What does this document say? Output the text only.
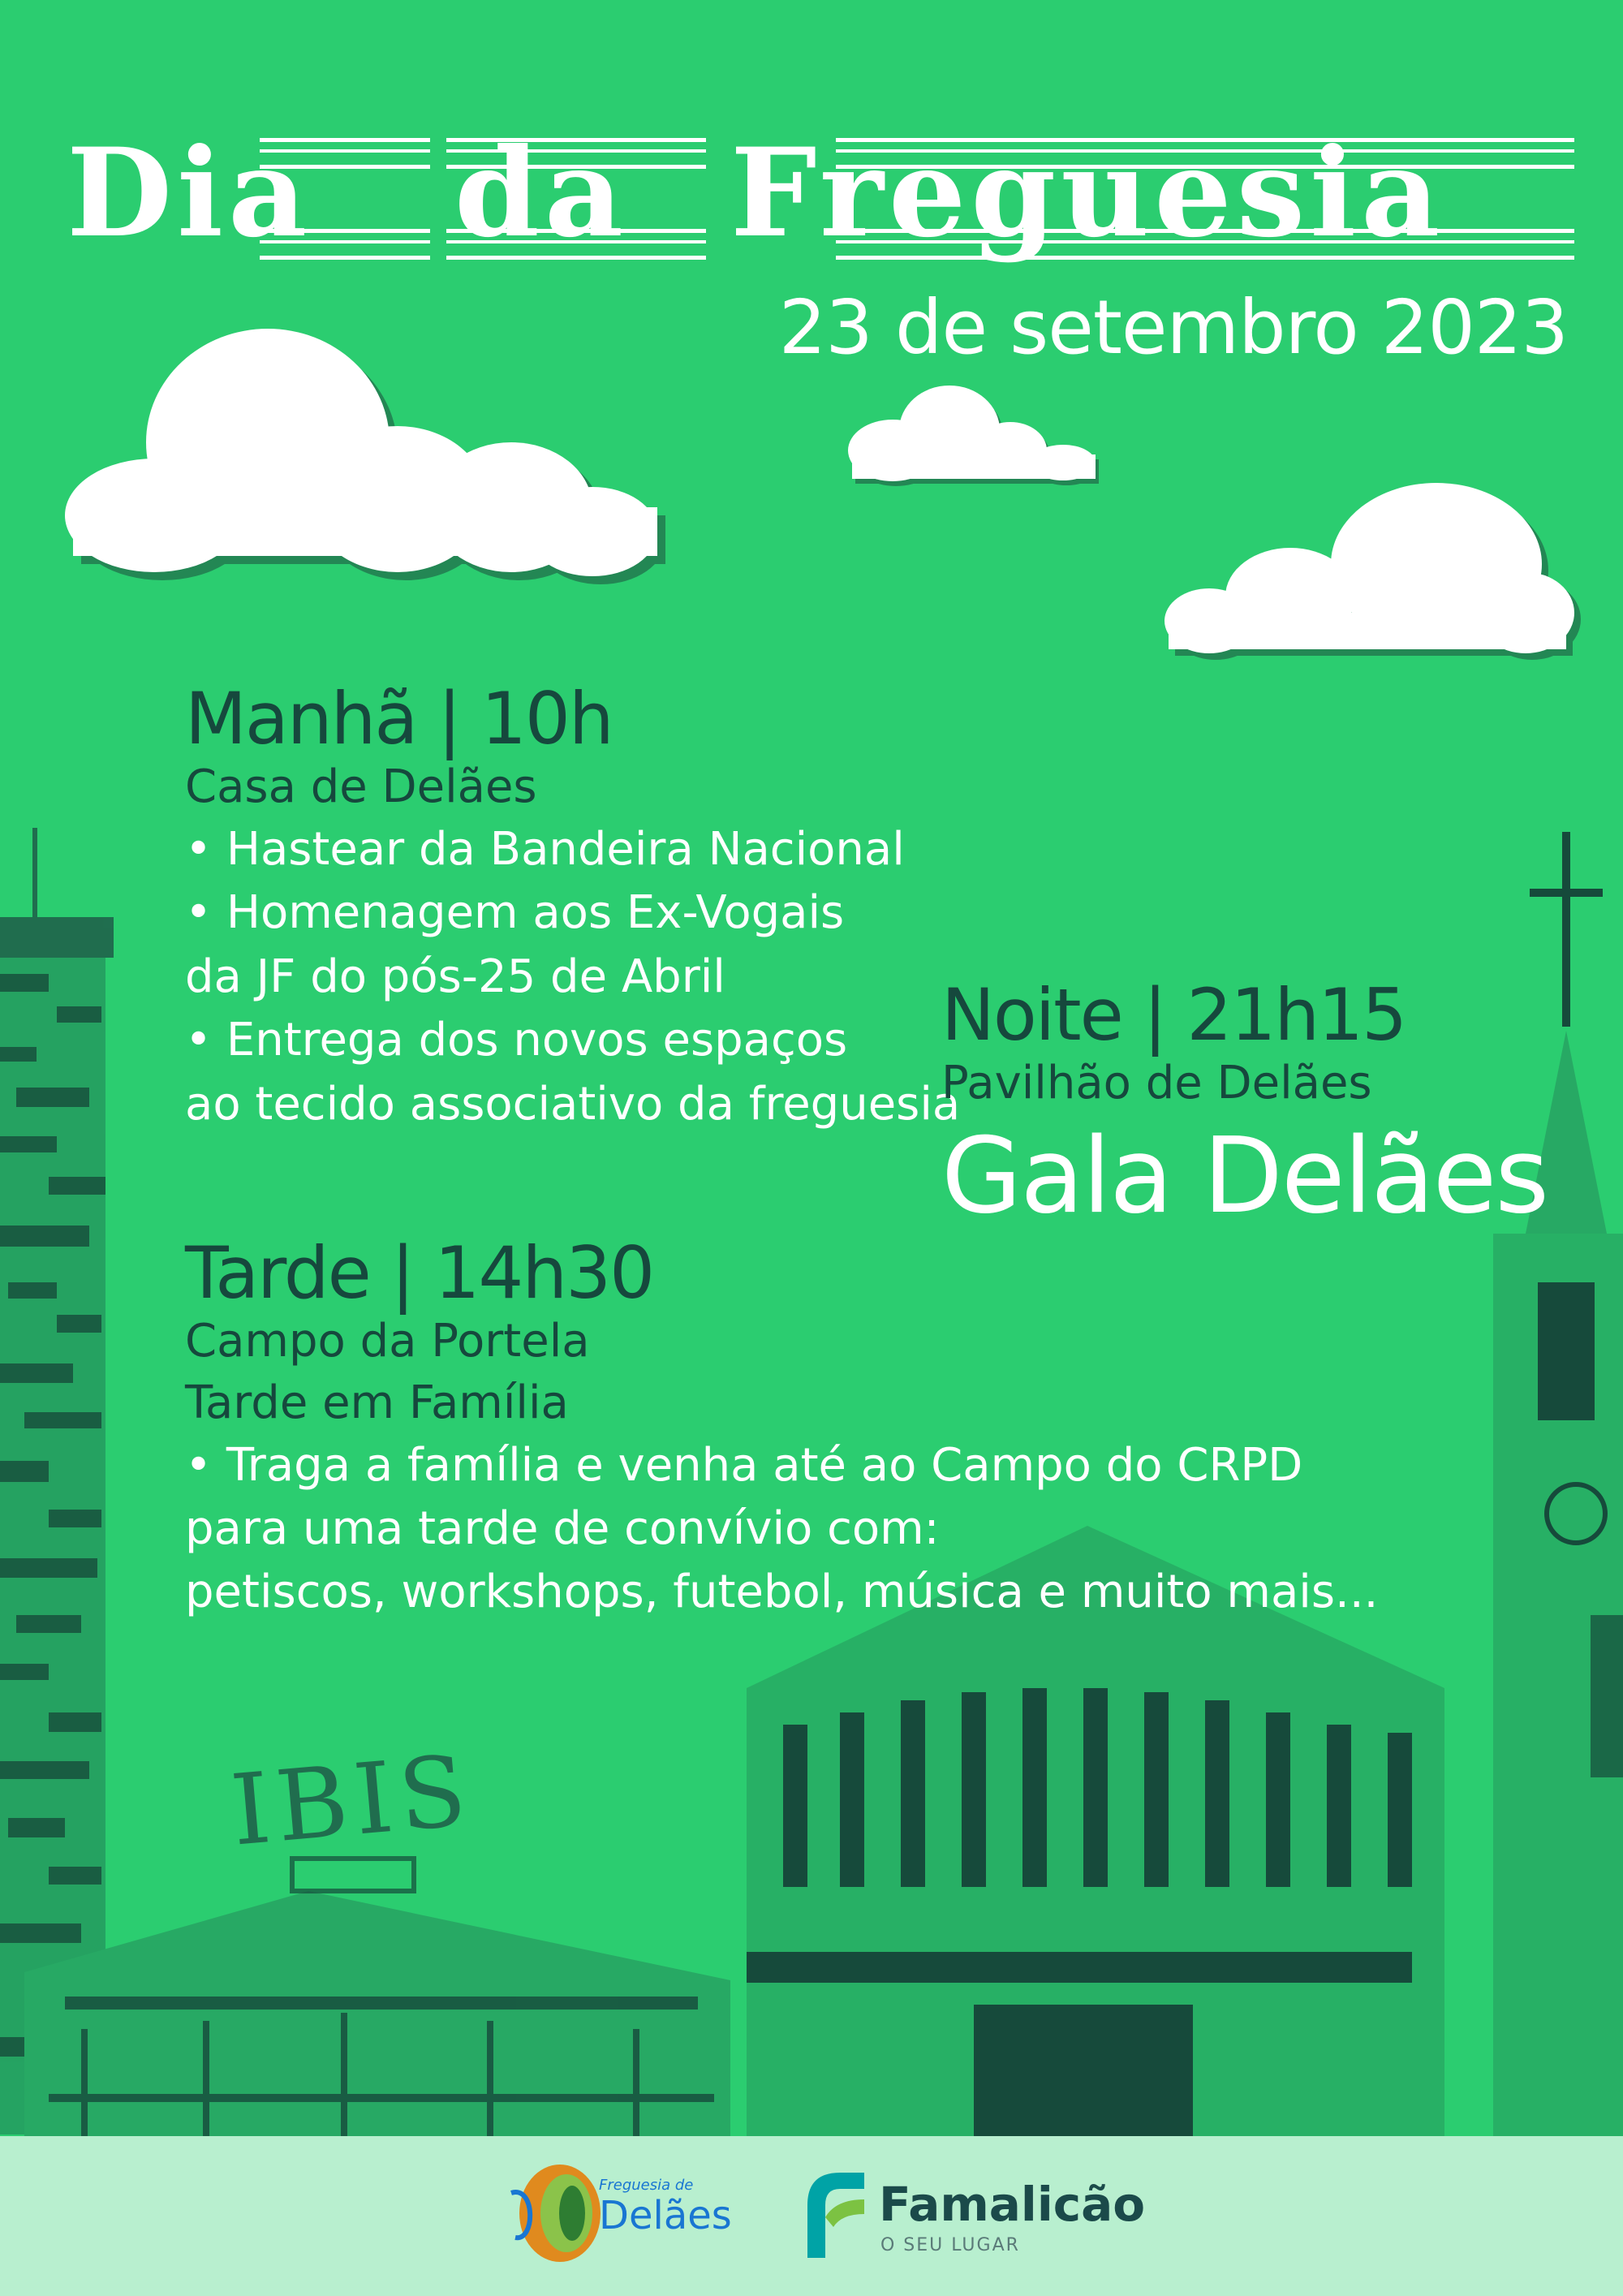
Dia da Freguesia
23 de setembro 2023
Manhã | 10h
Casa de Delães
• Hastear da Bandeira Nacional
• Homenagem aos Ex-Vogais
da JF do pós-25 de Abril
• Entrega dos novos espaços
ao tecido associativo da freguesia
Noite | 21h15
Pavilhão de Delães
Gala Delães
Tarde | 14h30
Campo da Portela
Tarde em Família
• Traga a família e venha até ao Campo do CRPD
para uma tarde de convívio com:
petiscos, workshops, futebol, música e muito mais...
IBIS
Freguesia de
Delães	Famalicão
O SEU LUGAR
